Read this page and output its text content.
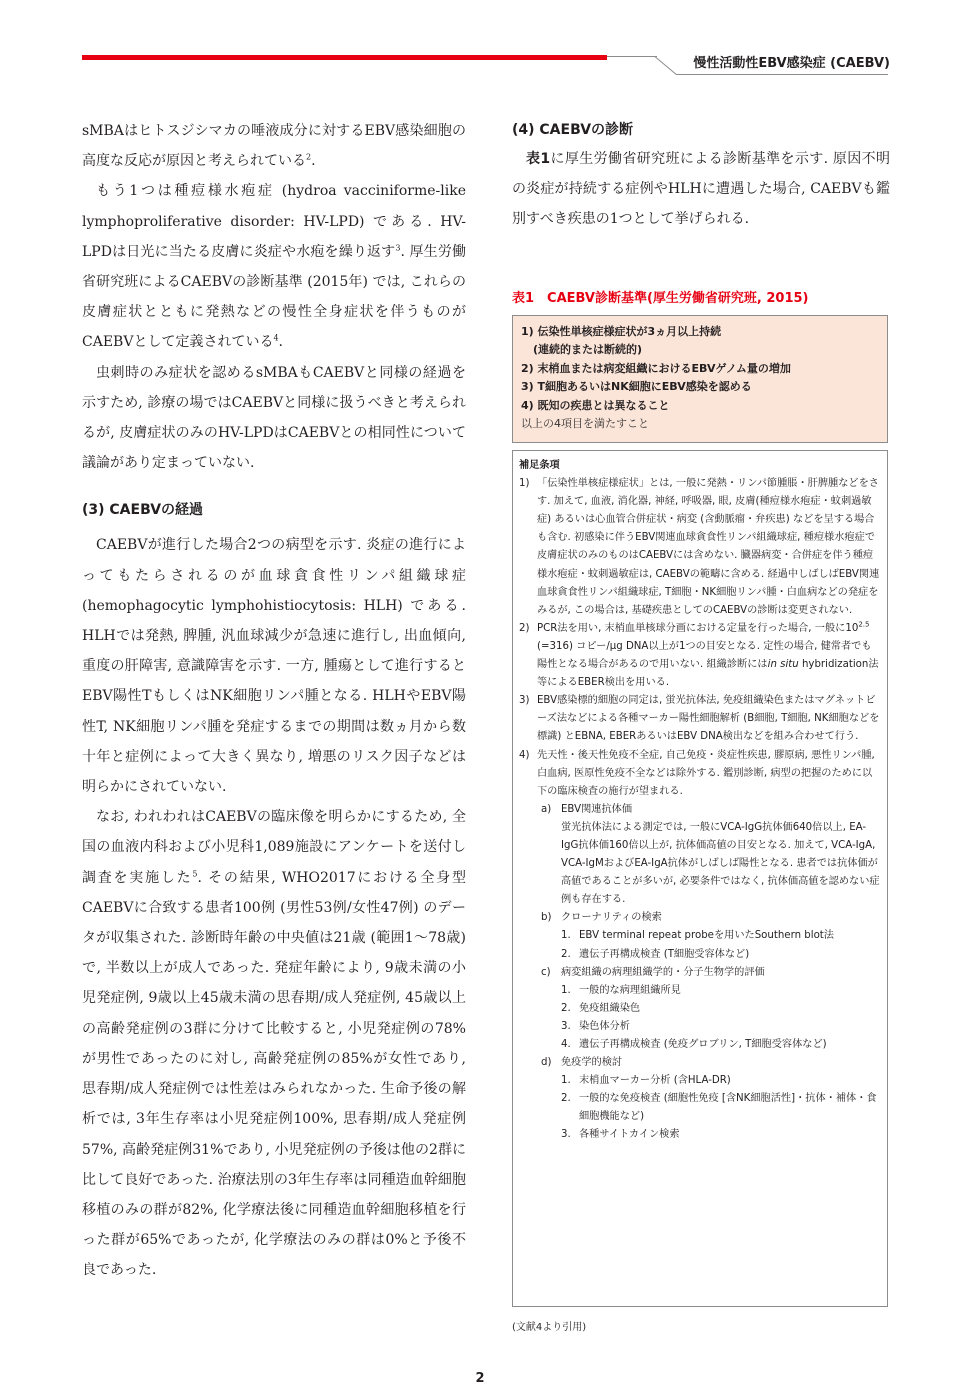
慢性活動性EBV感染症 (CAEBV)

sMBAはヒトスジシマカの唾液成分に対するEBV感染細胞の高度な反応が原因と考えられている$^2$.

もう1つは種痘様水疱症 (hydroa vacciniforme-like lymphoproliferative disorder: HV-LPD) である. HV-LPDは日光に当たる皮膚に炎症や水疱を繰り返す$^3$. 厚生労働省研究班によるCAEBVの診断基準 (2015年) では, これらの皮膚症状とともに発熱などの慢性全身症状を伴うものがCAEBVとして定義されている$^4$.

虫刺時のみ症状を認めるsMBAもCAEBVと同様の経過を示すため, 診療の場ではCAEBVと同様に扱うべきと考えられるが, 皮膚症状のみのHV-LPDはCAEBVとの相同性について議論があり定まっていない.

(3) CAEBVの経過

CAEBVが進行した場合2つの病型を示す. 炎症の進行によってもたらされるのが血球貪食性リンパ組織球症 (hemophagocytic lymphohistiocytosis: HLH) である. HLHでは発熱, 脾腫, 汎血球減少が急速に進行し, 出血傾向, 重度の肝障害, 意識障害を示す. 一方, 腫瘍として進行するとEBV陽性TもしくはNK細胞リンパ腫となる. HLHやEBV陽性T, NK細胞リンパ腫を発症するまでの期間は数ヵ月から数十年と症例によって大きく異なり, 増悪のリスク因子などは明らかにされていない.

なお, われわれはCAEBVの臨床像を明らかにするため, 全国の血液内科および小児科1,089施設にアンケートを送付し調査を実施した$^5$. その結果, WHO2017における全身型CAEBVに合致する患者100例 (男性53例/女性47例) のデータが収集された. 診断時年齢の中央値は21歳 (範囲1〜78歳) で, 半数以上が成人であった. 発症年齢により, 9歳未満の小児発症例, 9歳以上45歳未満の思春期/成人発症例, 45歳以上の高齢発症例の3群に分けて比較すると, 小児発症例の78%が男性であったのに対し, 高齢発症例の85%が女性であり, 思春期/成人発症例では性差はみられなかった. 生命予後の解析では, 3年生存率は小児発症例100%, 思春期/成人発症例57%, 高齢発症例31%であり, 小児発症例の予後は他の2群に比して良好であった. 治療法別の3年生存率は同種造血幹細胞移植のみの群が82%, 化学療法後に同種造血幹細胞移植を行った群が65%であったが, 化学療法のみの群は0%と予後不良であった.

(4) CAEBVの診断

表1に厚生労働省研究班による診断基準を示す. 原因不明の炎症が持続する症例やHLHに遭遇した場合, CAEBVも鑑別すべき疾患の1つとして挙げられる.

表1　CAEBV診断基準(厚生労働省研究班, 2015)
1) 伝染性単核症様症状が3ヵ月以上持続
(連続的または断続的)
2) 末梢血または病変組織におけるEBVゲノム量の増加
3) T細胞あるいはNK細胞にEBV感染を認める
4) 既知の疾患とは異なること
以上の4項目を満たすこと
補足条項
1) 「伝染性単核症様症状」とは, 一般に発熱・リンパ節腫脹・肝脾腫などをさす. 加えて, 血液, 消化器, 神経, 呼吸器, 眼, 皮膚(種痘様水疱症・蚊刺過敏症) あるいは心血管合併症状・病変 (含動脈瘤・弁疾患) などを呈する場合も含む. 初感染に伴うEBV関連血球貪食性リンパ組織球症, 種痘様水疱症で皮膚症状のみのものはCAEBVには含めない. 臓器病変・合併症を伴う種痘様水疱症・蚊刺過敏症は, CAEBVの範疇に含める. 経過中しばしばEBV関連血球貪食性リンパ組織球症, T細胞・NK細胞リンパ腫・白血病などの発症をみるが, この場合は, 基礎疾患としてのCAEBVの診断は変更されない.
2) PCR法を用い, 末梢血単核球分画における定量を行った場合, 一般に$10^{2.5}$ (=316) コピー/μg DNA以上が1つの目安となる. 定性の場合, 健常者でも陽性となる場合があるので用いない. 組織診断にはin situ hybridization法等によるEBER検出を用いる.
3) EBV感染標的細胞の同定は, 蛍光抗体法, 免疫組織染色またはマグネットビーズ法などによる各種マーカー陽性細胞解析 (B細胞, T細胞, NK細胞などを標識) とEBNA, EBERあるいはEBV DNA検出などを組み合わせて行う.
4) 先天性・後天性免疫不全症, 自己免疫・炎症性疾患, 膠原病, 悪性リンパ腫, 白血病, 医原性免疫不全などは除外する. 鑑別診断, 病型の把握のために以下の臨床検査の施行が望まれる.
a) EBV関連抗体価
蛍光抗体法による測定では, 一般にVCA-IgG抗体価640倍以上, EA-IgG抗体価160倍以上が, 抗体価高値の目安となる. 加えて, VCA-IgA, VCA-IgMおよびEA-IgA抗体がしばしば陽性となる. 患者では抗体価が高値であることが多いが, 必要条件ではなく, 抗体価高値を認めない症例も存在する.
b) クローナリティの検索
1. EBV terminal repeat probeを用いたSouthern blot法
2. 遺伝子再構成検査 (T細胞受容体など)
c) 病変組織の病理組織学的・分子生物学的評価
1. 一般的な病理組織所見
2. 免疫組織染色
3. 染色体分析
4. 遺伝子再構成検査 (免疫グロブリン, T細胞受容体など)
d) 免疫学的検討
1. 末梢血マーカー分析 (含HLA-DR)
2. 一般的な免疫検査 (細胞性免疫 [含NK細胞活性]・抗体・補体・食細胞機能など)
3. 各種サイトカイン検索
(文献4より引用)
2
